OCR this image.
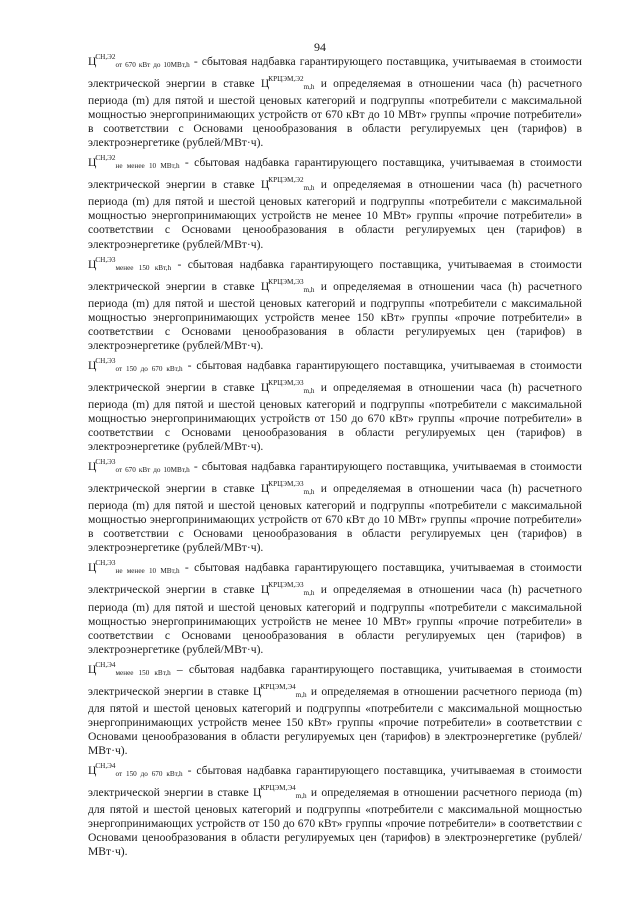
94

$Ц^{СН,Э2}_{от 670 кВт до 10МВт,h}$ - сбытовая надбавка гарантирующего поставщика, учитываемая в стоимости электрической энергии в ставке $Ц^{КРЦЭМ,Э2}_{m,h}$ и определяемая в отношении часа (h) расчетного периода (m) для пятой и шестой ценовых категорий и подгруппы «потребители с максимальной мощностью энергопринимающих устройств от 670 кВт до 10 МВт» группы «прочие потребители» в соответствии с Основами ценообразования в области регулируемых цен (тарифов) в электроэнергетике (рублей/МВт·ч).

$Ц^{СН,Э2}_{не менее 10 МВт,h}$ - сбытовая надбавка гарантирующего поставщика, учитываемая в стоимости электрической энергии в ставке $Ц^{КРЦЭМ,Э2}_{m,h}$ и определяемая в отношении часа (h) расчетного периода (m) для пятой и шестой ценовых категорий и подгруппы «потребители с максимальной мощностью энергопринимающих устройств не менее 10 МВт» группы «прочие потребители» в соответствии с Основами ценообразования в области регулируемых цен (тарифов) в электроэнергетике (рублей/МВт·ч).

$Ц^{СН,Э3}_{менее 150 кВт,h}$ - сбытовая надбавка гарантирующего поставщика, учитываемая в стоимости электрической энергии в ставке $Ц^{КРЦЭМ,Э3}_{m,h}$ и определяемая в отношении часа (h) расчетного периода (m) для пятой и шестой ценовых категорий и подгруппы «потребители с максимальной мощностью энергопринимающих устройств менее 150 кВт» группы «прочие потребители» в соответствии с Основами ценообразования в области регулируемых цен (тарифов) в электроэнергетике (рублей/МВт·ч).

$Ц^{СН,Э3}_{от 150 до 670 кВт,h}$ - сбытовая надбавка гарантирующего поставщика, учитываемая в стоимости электрической энергии в ставке $Ц^{КРЦЭМ,Э3}_{m,h}$ и определяемая в отношении часа (h) расчетного периода (m) для пятой и шестой ценовых категорий и подгруппы «потребители с максимальной мощностью энергопринимающих устройств от 150 до 670 кВт» группы «прочие потребители» в соответствии с Основами ценообразования в области регулируемых цен (тарифов) в электроэнергетике (рублей/МВт·ч).

$Ц^{СН,Э3}_{от 670 кВт до 10МВт,h}$ - сбытовая надбавка гарантирующего поставщика, учитываемая в стоимости электрической энергии в ставке $Ц^{КРЦЭМ,Э3}_{m,h}$ и определяемая в отношении часа (h) расчетного периода (m) для пятой и шестой ценовых категорий и подгруппы «потребители с максимальной мощностью энергопринимающих устройств от 670 кВт до 10 МВт» группы «прочие потребители» в соответствии с Основами ценообразования в области регулируемых цен (тарифов) в электроэнергетике (рублей/МВт·ч).

$Ц^{СН,Э3}_{не менее 10 МВт,h}$ - сбытовая надбавка гарантирующего поставщика, учитываемая в стоимости электрической энергии в ставке $Ц^{КРЦЭМ,Э3}_{m,h}$ и определяемая в отношении часа (h) расчетного периода (m) для пятой и шестой ценовых категорий и подгруппы «потребители с максимальной мощностью энергопринимающих устройств не менее 10 МВт» группы «прочие потребители» в соответствии с Основами ценообразования в области регулируемых цен (тарифов) в электроэнергетике (рублей/МВт·ч).

$Ц^{СН,Э4}_{менее 150 кВт,h}$ – сбытовая надбавка гарантирующего поставщика, учитываемая в стоимости электрической энергии в ставке $Ц^{КРЦЭМ,Э4}_{m,h}$ и определяемая в отношении расчетного периода (m) для пятой и шестой ценовых категорий и подгруппы «потребители с максимальной мощностью энергопринимающих устройств менее 150 кВт» группы «прочие потребители» в соответствии с Основами ценообразования в области регулируемых цен (тарифов) в электроэнергетике (рублей/МВт·ч).

$Ц^{СН,Э4}_{от 150 до 670 кВт,h}$ - сбытовая надбавка гарантирующего поставщика, учитываемая в стоимости электрической энергии в ставке $Ц^{КРЦЭМ,Э4}_{m,h}$ и определяемая в отношении расчетного периода (m) для пятой и шестой ценовых категорий и подгруппы «потребители с максимальной мощностью энергопринимающих устройств от 150 до 670 кВт» группы «прочие потребители» в соответствии с Основами ценообразования в области регулируемых цен (тарифов) в электроэнергетике (рублей/МВт·ч).
